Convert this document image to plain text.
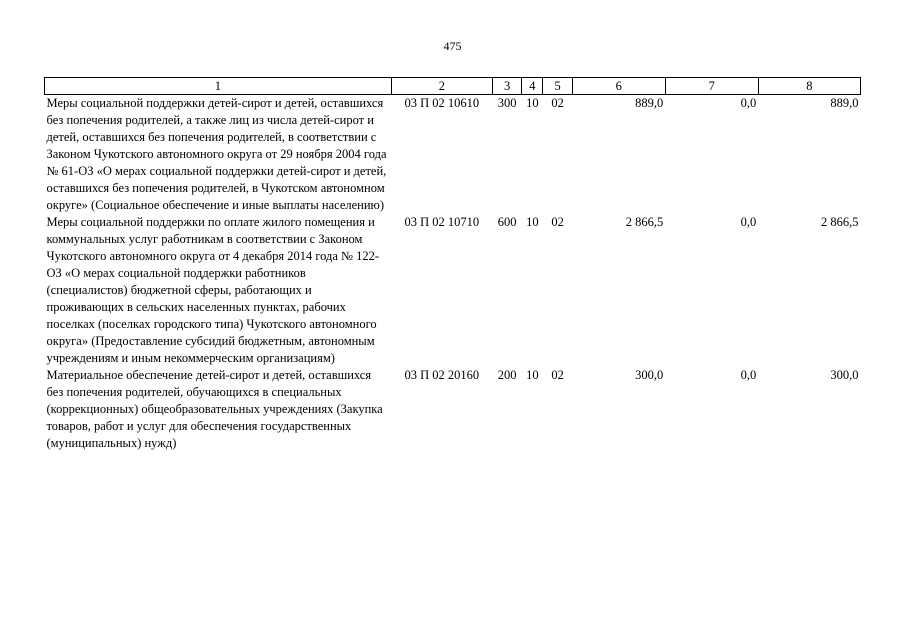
475
1	2	3	4	5	6	7	8
Меры социальной поддержки детей-сирот и детей, оставшихся без попечения родителей, а также лиц из числа детей-сирот и детей, оставшихся без попечения родителей, в соответствии с Законом Чукотского автономного округа от 29 ноября 2004 года № 61-ОЗ «О мерах социальной поддержки детей-сирот и детей, оставшихся без попечения родителей, в Чукотском автономном округе» (Социальное обеспечение и иные выплаты населению)	03 П 02 10610	300	10	02	889,0	0,0	889,0
Меры социальной поддержки по оплате жилого помещения и коммунальных услуг работникам в соответствии с Законом Чукотского автономного округа от 4 декабря 2014 года № 122-ОЗ «О мерах социальной поддержки работников (специалистов) бюджетной сферы, работающих и проживающих в сельских населенных пунктах, рабочих поселках (поселках городского типа) Чукотского автономного округа» (Предоставление субсидий бюджетным, автономным учреждениям и иным некоммерческим организациям)	03 П 02 10710	600	10	02	2 866,5	0,0	2 866,5
Материальное обеспечение детей-сирот и детей, оставшихся без попечения родителей, обучающихся в специальных (коррекционных) общеобразовательных учреждениях (Закупка товаров, работ и услуг для обеспечения государственных (муниципальных) нужд)	03 П 02 20160	200	10	02	300,0	0,0	300,0
